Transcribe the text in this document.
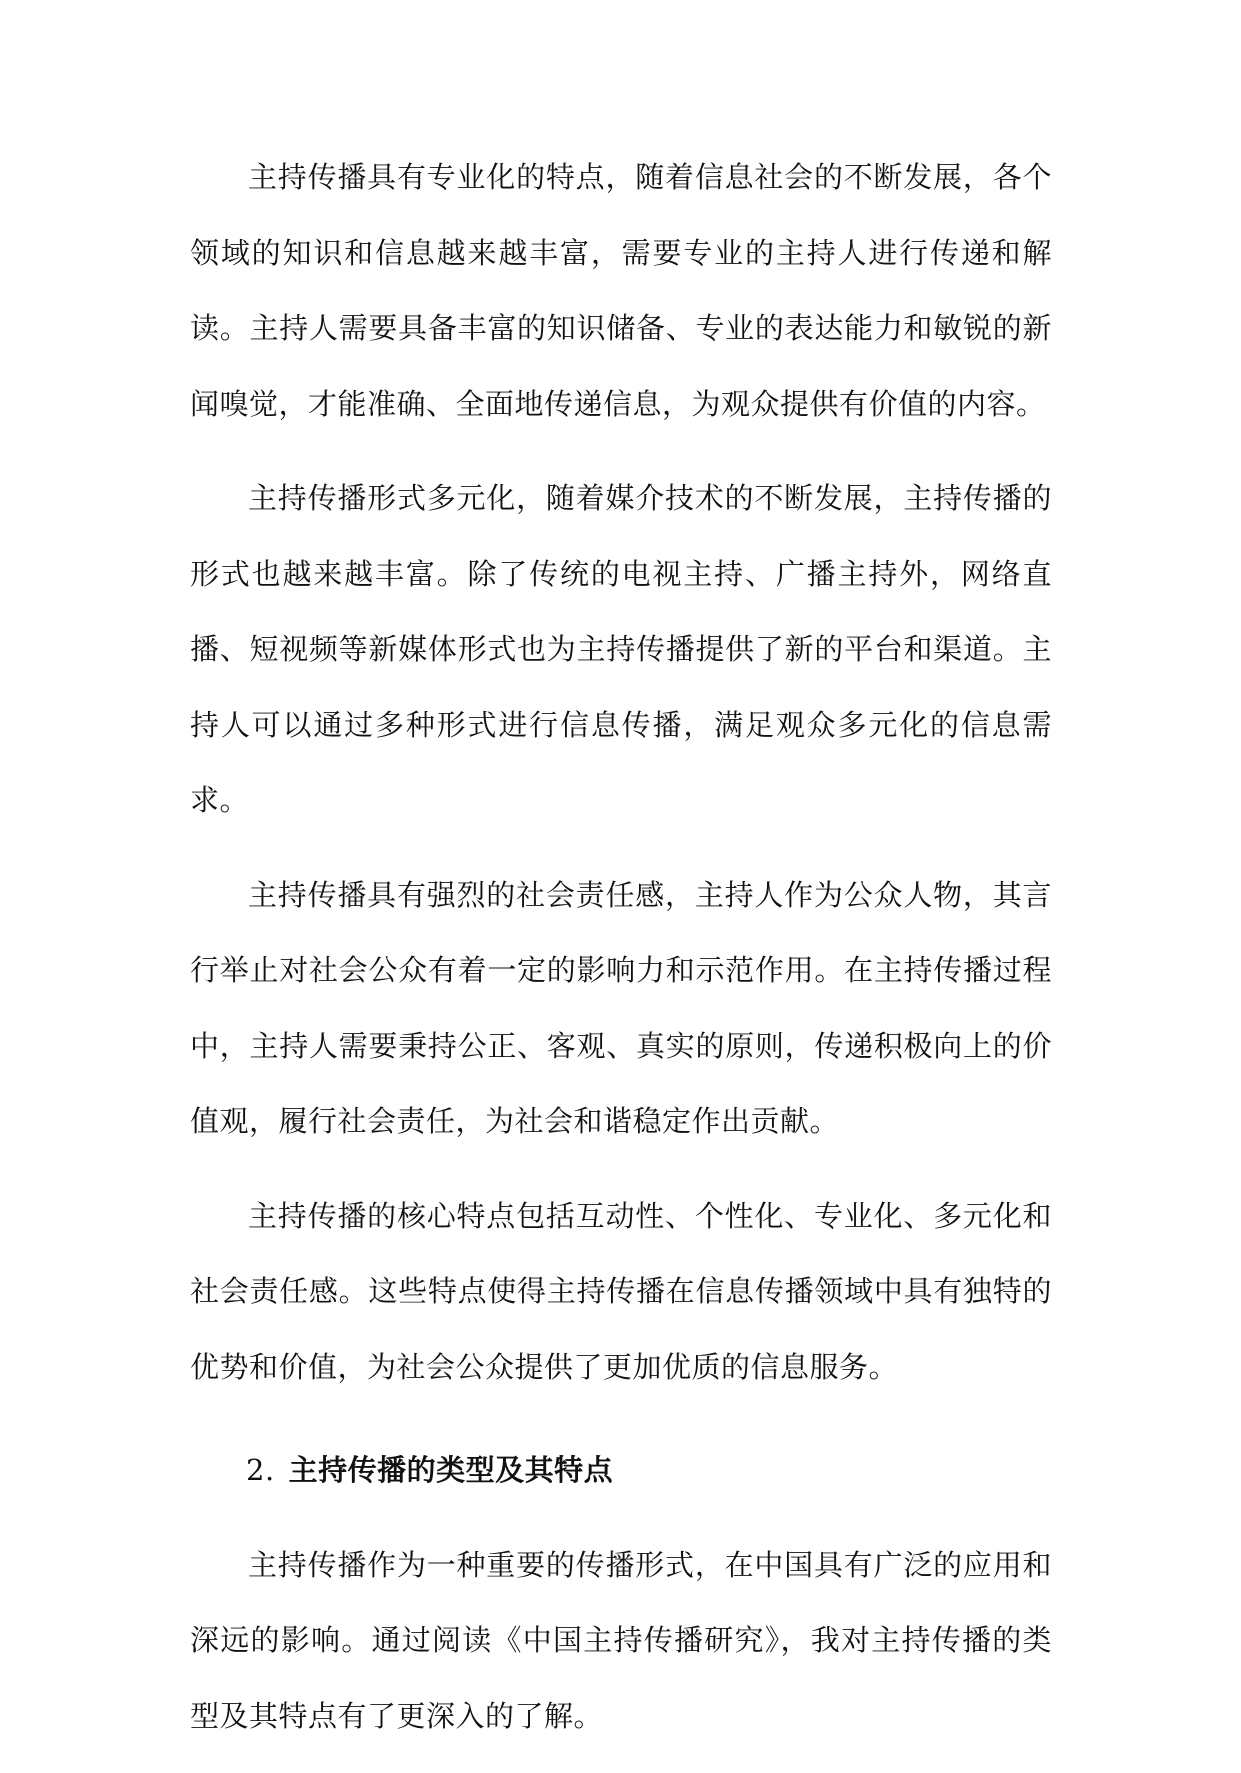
主持传播具有专业化的特点，随着信息社会的不断发展，各个领域的知识和信息越来越丰富，需要专业的主持人进行传递和解读。主持人需要具备丰富的知识储备、专业的表达能力和敏锐的新闻嗅觉，才能准确、全面地传递信息，为观众提供有价值的内容。

主持传播形式多元化，随着媒介技术的不断发展，主持传播的形式也越来越丰富。除了传统的电视主持、广播主持外，网络直播、短视频等新媒体形式也为主持传播提供了新的平台和渠道。主持人可以通过多种形式进行信息传播，满足观众多元化的信息需求。

主持传播具有强烈的社会责任感，主持人作为公众人物，其言行举止对社会公众有着一定的影响力和示范作用。在主持传播过程中，主持人需要秉持公正、客观、真实的原则，传递积极向上的价值观，履行社会责任，为社会和谐稳定作出贡献。

主持传播的核心特点包括互动性、个性化、专业化、多元化和社会责任感。这些特点使得主持传播在信息传播领域中具有独特的优势和价值，为社会公众提供了更加优质的信息服务。

2. 主持传播的类型及其特点

主持传播作为一种重要的传播形式，在中国具有广泛的应用和深远的影响。通过阅读《中国主持传播研究》，我对主持传播的类型及其特点有了更深入的了解。
